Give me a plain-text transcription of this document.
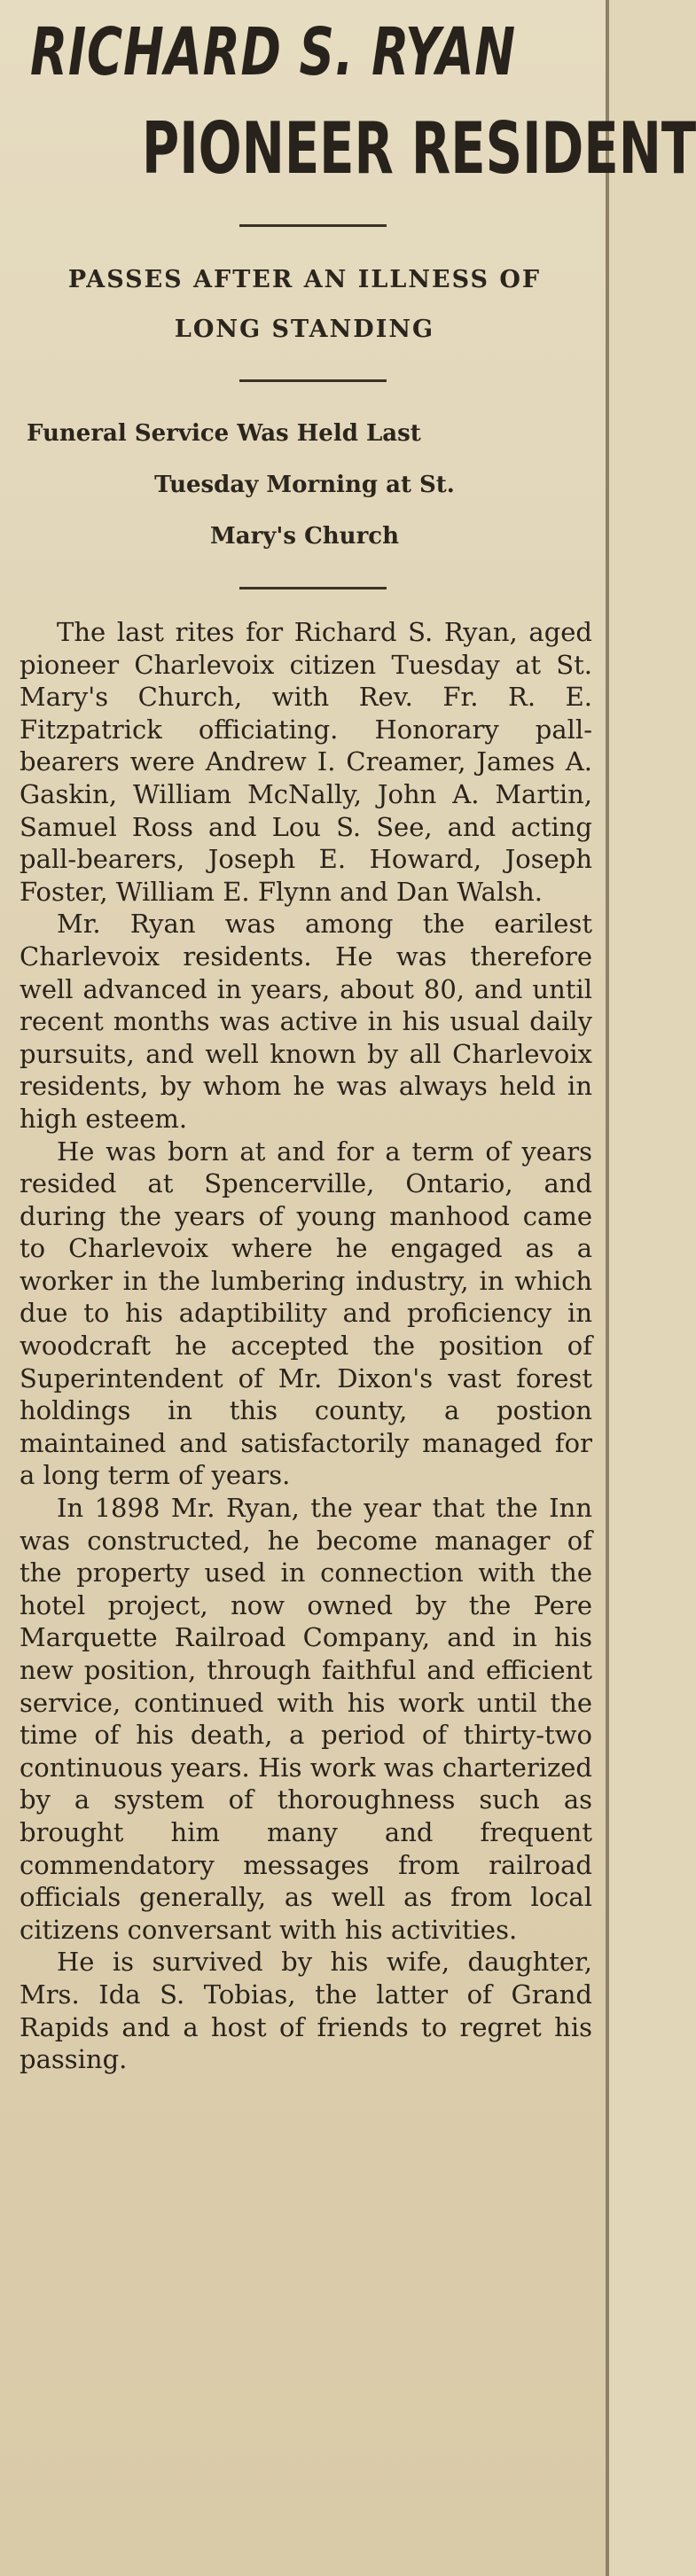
RICHARD S. RYAN
PIONEER RESIDENT
PASSES AFTER AN ILLNESS OF
LONG STANDING
Funeral Service Was Held Last
Tuesday Morning at St.
Mary's Church

The last rites for Richard S. Ryan, aged pioneer Charlevoix citizen Tuesday at St. Mary's Church, with Rev. Fr. R. E. Fitzpatrick officiating. Honorary pall-bearers were Andrew I. Creamer, James A. Gaskin, William McNally, John A. Martin, Samuel Ross and Lou S. See, and acting pall-bearers, Joseph E. Howard, Joseph Foster, William E. Flynn and Dan Walsh.

Mr. Ryan was among the earilest Charlevoix residents. He was therefore well advanced in years, about 80, and until recent months was active in his usual daily pursuits, and well known by all Charlevoix residents, by whom he was always held in high esteem.

He was born at and for a term of years resided at Spencerville, Ontario, and during the years of young manhood came to Charlevoix where he engaged as a worker in the lumbering industry, in which due to his adaptibility and proficiency in woodcraft he accepted the position of Superintendent of Mr. Dixon's vast forest holdings in this county, a postion maintained and satisfactorily managed for a long term of years.

In 1898 Mr. Ryan, the year that the Inn was constructed, he become manager of the property used in connection with the hotel project, now owned by the Pere Marquette Railroad Company, and in his new position, through faithful and efficient service, continued with his work until the time of his death, a period of thirty-two continuous years. His work was charterized by a system of thoroughness such as brought him many and frequent commendatory messages from railroad officials generally, as well as from local citizens conversant with his activities.

He is survived by his wife, daughter, Mrs. Ida S. Tobias, the latter of Grand Rapids and a host of friends to regret his passing.
